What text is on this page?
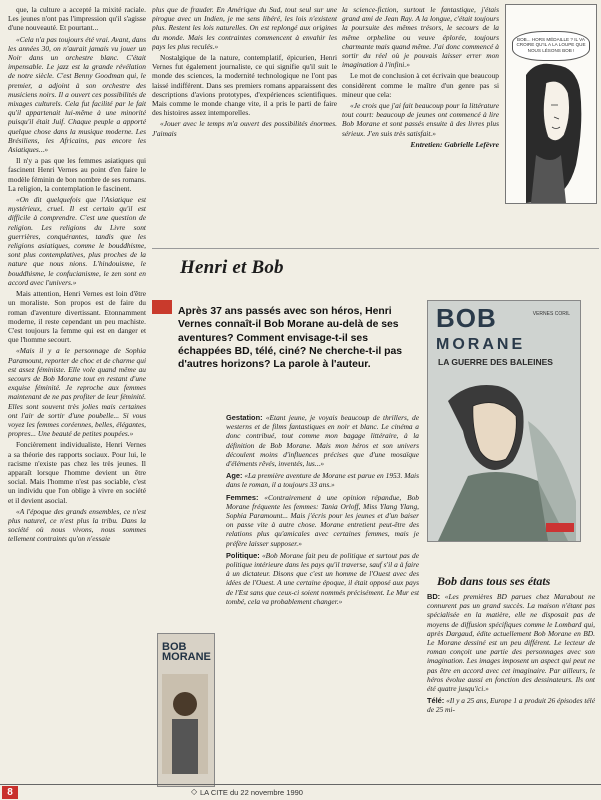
que, la culture a accepté la mixité raciale. Les jeunes n'ont pas l'impression qu'il s'agisse d'une nouveauté. Et pourtant...

«Cela n'a pas toujours été vrai. Avant, dans les années 30, on n'aurait jamais vu jouer un Noir dans un orchestre blanc. C'était impensable. Le jazz est la grande révélation de notre siècle. C'est Benny Goodman qui, le premier, a adjoint à son orchestre des musiciens noirs. Il a ouvert ces possibilités de mixages culturels. Cela fut facilité par le fait qu'il appartenait lui-même à une minorité puisqu'il était Juif. Chaque peuple a apporté quelque chose dans la musique moderne. Les Brésiliens, les Africains, pas encore les Asiatiques...»

Il n'y a pas que les femmes asiatiques qui fascinent Henri Vernes au point d'en faire le modèle féminin de bon nombre de ses romans. La religion, la contemplation le fascinent.

«On dit quelquefois que l'Asiatique est mystérieux, cruel. Il est certain qu'il est difficile à comprendre. C'est une question de religion. Les religions du Livre sont guerrières, conquérantes, tandis que les religions asiatiques, comme le bouddhisme, sont plus contemplatives, plus proches de la nature que nous nions. L'hindouisme, le bouddhisme, le confucianisme, le zen sont en accord avec l'univers.»

Mais attention, Henri Vernes est loin d'être un moraliste. Son propos est de faire du roman d'aventure divertissant. Etonnamment moderne, il reste cependant un peu machiste. C'est toujours la femme qui est en danger et que l'homme secourt.

«Mais il y a le personnage de Sophia Paramount, reporter de choc et de charme qui est assez féministe. Elle vole quand même au secours de Bob Morane tout en restant d'une exquise féminité. Je reproche aux femmes maintenant de ne pas profiter de leur féminité. Elles sont souvent très jolies mais certaines ont l'air de sortir d'une poubelle... Si vous voyez les femmes coréennes, belles, élégantes, propres... Une beauté de petites poupées.»

Foncièrement individualiste, Henri Vernes a sa théorie des rapports sociaux. Pour lui, le racisme n'existe pas chez les très jeunes. Il apparaît lorsque l'homme devient un être social. Mais l'homme n'est pas sociable, c'est un individu que l'on oblige à vivre en société et il devient asocial.

«A l'époque des grands ensembles, ce n'est plus naturel, ce n'est plus la tribu. Dans la société où nous vivons, nous sommes tellement contraints qu'on n'essaie

plus que de frauder. En Amérique du Sud, tout seul sur une pirogue avec un Indien, je me sens libéré, les lois n'existent plus. Restent les lois naturelles. On est replongé aux origines du monde. Mais les contraintes commencent à envahir les pays les plus reculés.»

Nostalgique de la nature, contemplatif, épicurien, Henri Vernes fut également journaliste, ce qui signifie qu'il suit le monde des sciences, la modernité technologique ne l'ont pas laissé indifférent. Dans ses premiers romans apparaissent des descriptions d'avions prototypes, d'expériences scientifiques. Mais comme le monde change vite, il a pris le parti de faire des histoires assez intemporelles.

«Jouer avec le temps m'a ouvert des possibilités énormes. J'aimais

la science-fiction, surtout le fantastique, j'étais grand ami de Jean Ray. A la longue, c'était toujours la poursuite des mêmes trésors, le secours de la même orpheline ou veuve éplorée, toujours charmante mais quand même. J'ai donc commencé à sortir du réel où je pouvais laisser errer mon imagination à l'infini.»

Le mot de conclusion à cet écrivain que beaucoup considèrent comme le maître d'un genre pas si mineur que cela:

«Je crois que j'ai fait beaucoup pour la littérature tout court: beaucoup de jeunes ont commencé à lire Bob Morane et sont passés ensuite à des livres plus sérieux. J'en suis très satisfait.»

Entretien: Gabrielle Lefèvre

BOB... HORS MÉDAILLE ? IL VA CROIRE QU'IL A LA LOUPE QUE NOUS LÉSONS BOB !
Henri et Bob
Après 37 ans passés avec son héros, Henri Vernes connaît-il Bob Morane au-delà de ses aventures? Comment envisage-t-il ses échappées BD, télé, ciné? Ne cherche-t-il pas d'autres horizons? La parole à l'auteur.
BOB
MORANE
VERNES CORIL
LA GUERRE DES BALEINES
BOB
MORANE

Gestation: «Etant jeune, je voyais beaucoup de thrillers, de westerns et de films fantastiques en noir et blanc. Le cinéma a donc contribué, tout comme mon bagage littéraire, à la définition de Bob Morane. Mais mon héros et son univers découlent moins d'influences précises que d'une mosaïque d'éléments rêvés, inventés, lus...»

Age: «La première aventure de Morane est parue en 1953. Mais dans le roman, il a toujours 33 ans.»

Femmes: «Contrairement à une opinion répandue, Bob Morane fréquente les femmes: Tania Orloff, Miss Ylang Ylang, Sophia Paramount... Mais j'écris pour les jeunes et d'un baiser on passe vite à autre chose. Morane entretient peut-être des relations plus qu'amicales avec certaines femmes, mais je préfère laisser supposer.»

Politique: «Bob Morane fait peu de politique et surtout pas de politique intérieure dans les pays qu'il traverse, sauf s'il a à faire à un dictateur. Disons que c'est un homme de l'Ouest avec des idées de l'Ouest. A une certaine époque, il était opposé aux pays de l'Est sans que ceux-ci soient nommés précisément. Le Mur est tombé, cela va probablement changer.»

Bob dans tous ses états

BD: «Les premières BD parues chez Marabout ne connurent pas un grand succès. La maison n'étant pas spécialisée en la matière, elle ne disposait pas de moyens de diffusion spécifiques comme le Lombard qui, après Dargaud, édite actuellement Bob Morane en BD. Le Morane dessiné est un peu différent. Le lecteur de roman conçoit une partie des personnages avec son imagination. Les images imposent un aspect qui peut ne pas être en accord avec cet imaginaire. Par ailleurs, le héros évolue aussi en fonction des dessinateurs. Ils ont été quatre jusqu'ici.»

Télé: «Il y a 25 ans, Europe 1 a produit 26 épisodes télé de 25 mi-

8	◇ LA CITE du 22 novembre 1990
